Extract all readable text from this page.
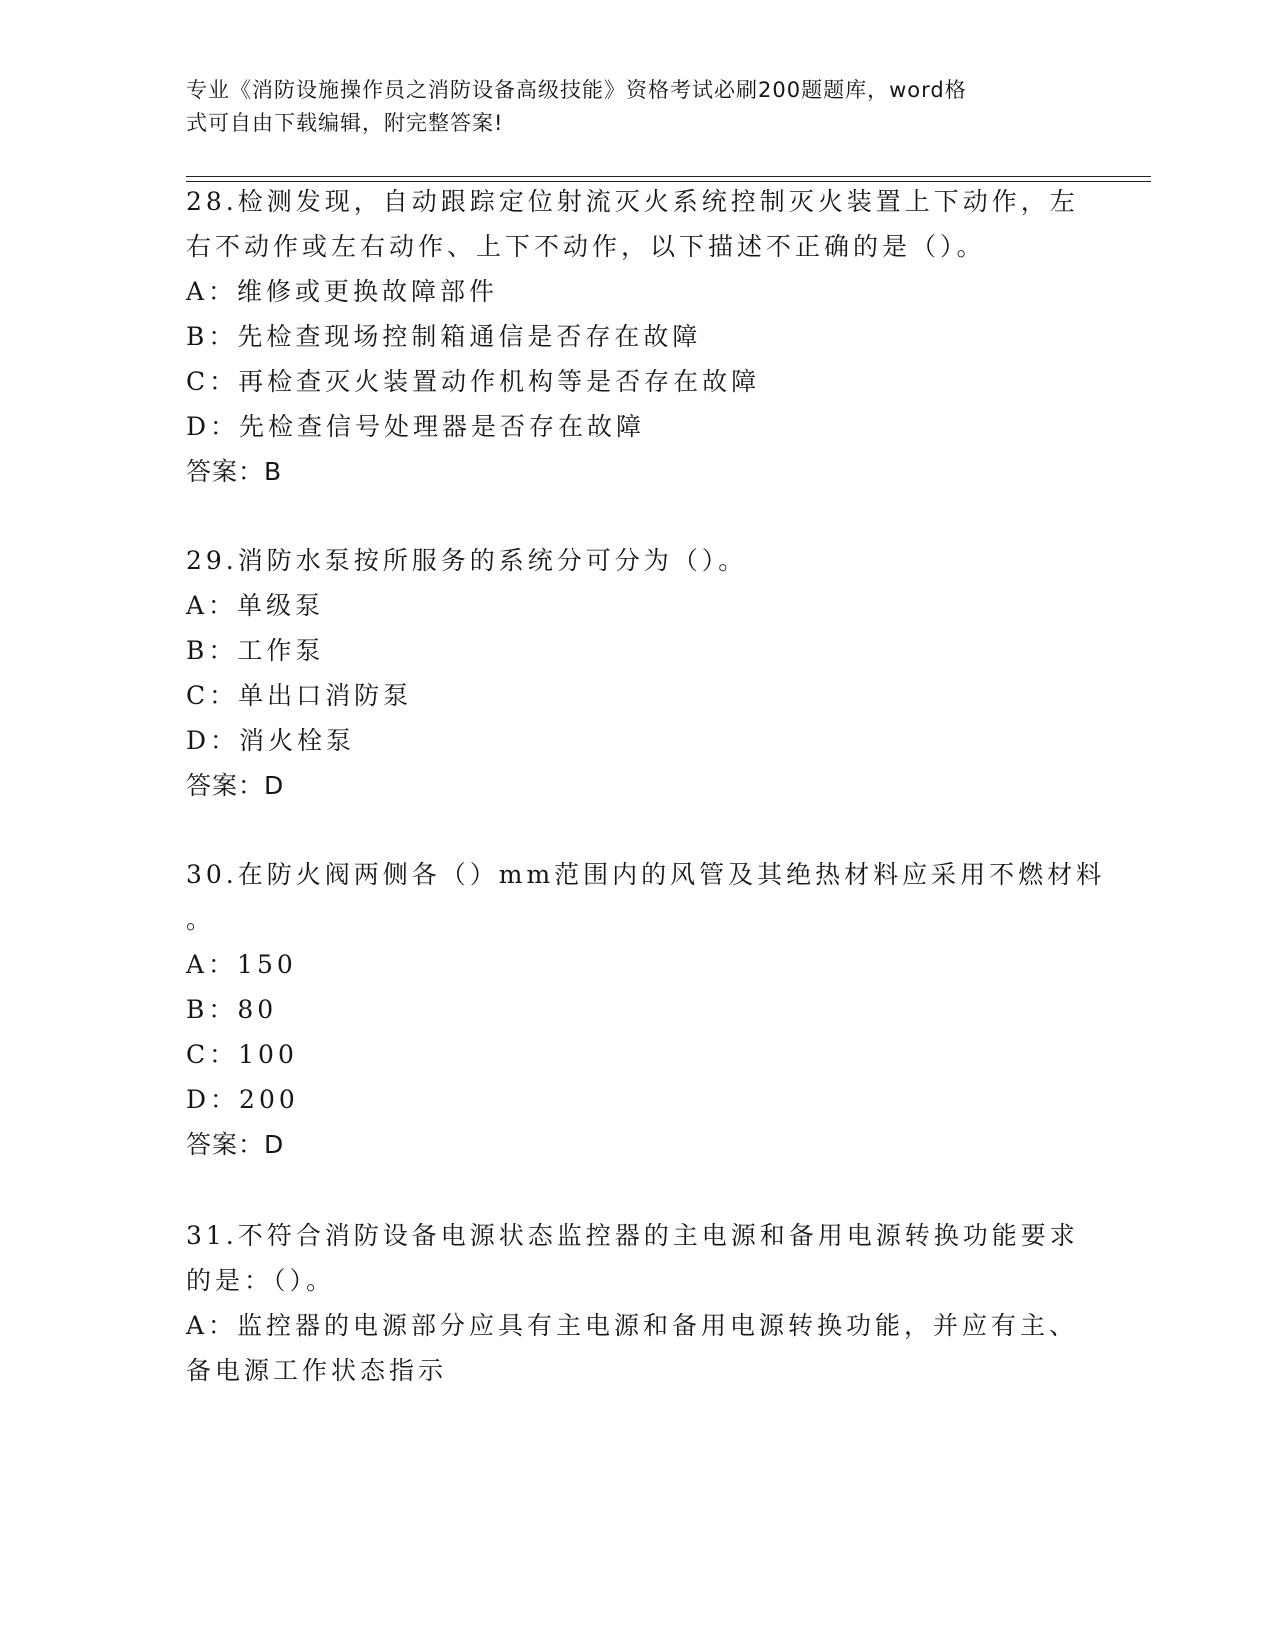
专业《消防设施操作员之消防设备高级技能》资格考试必刷200题题库，word格
式可自由下载编辑，附完整答案!
28.检测发现，自动跟踪定位射流灭火系统控制灭火装置上下动作，左
右不动作或左右动作、上下不动作，以下描述不正确的是（）。
A：维修或更换故障部件
B：先检查现场控制箱通信是否存在故障
C：再检查灭火装置动作机构等是否存在故障
D：先检查信号处理器是否存在故障
答案：B
29.消防水泵按所服务的系统分可分为（）。
A：单级泵
B：工作泵
C：单出口消防泵
D：消火栓泵
答案：D
30.在防火阀两侧各（）mm范围内的风管及其绝热材料应采用不燃材料
。
A：150
B：80
C：100
D：200
答案：D
31.不符合消防设备电源状态监控器的主电源和备用电源转换功能要求
的是：（）。
A：监控器的电源部分应具有主电源和备用电源转换功能，并应有主、
备电源工作状态指示
